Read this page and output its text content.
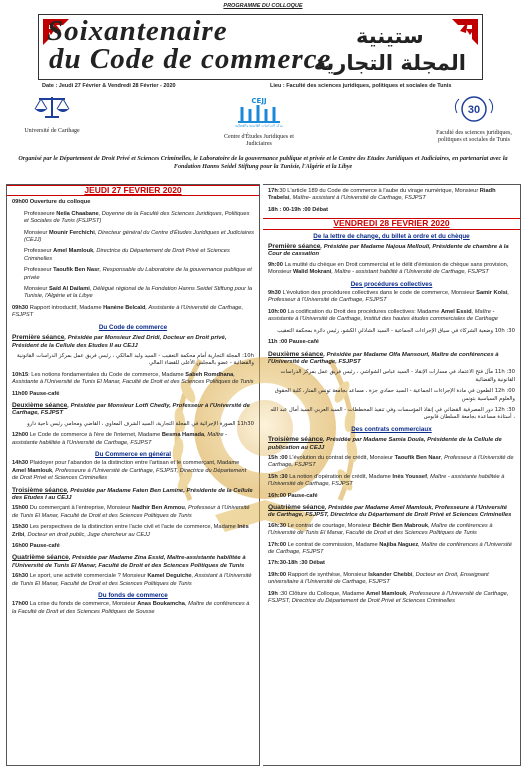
PROGRAMME DU COLLOQUE
Soixantenaire
du Code de commerce
ستينية
المجلة التجارية
Date : Jeudi 27 Février & Vendredi 28 Février - 2020	Lieu : Faculté des sciences juridiques, politiques et sociales de Tunis
Université de Carthage
CEJJ
مركز الدراسات القانونية والقضائية
Centre d'Études Juridiques et Judiciaires
30
Faculté des sciences juridiques, politiques et sociales de Tunis
Organisé par le Département de Droit Privé et Sciences Criminelles, le Laboratoire de la gouvernance publique et privée et le Centre des Etudes Juridiques et Judiciaires, en partenariat avec la Fondation Hanns Seidel Stiftung pour la Tunisie, l'Algérie et la Libye
JEUDI 27 FEVRIER 2020
09h00 Ouverture du colloque
Professeure Neila Chaabane, Doyenne de la Faculté des Sciences Juridiques, Politiques et Sociales de Tunis (FSJPST)
Monsieur Mounir Ferchichi, Directeur général du Centre d'Études Juridiques et Judiciaires (CEJJ)
Professeur Amel Mamlouk, Directrice du Département de Droit Privé et Sciences Criminelles
Professeur Taoufik Ben Nasr, Responsable du Laboratoire de la gouvernance publique et privée
Monsieur Saïd Al Dailami, Délégué régional de la Fondation Hanns Seidel Stiftung pour la Tunisie, l'Algérie et la Libye
09h30 Rapport introductif, Madame Hanène Belcaïd, Assistante à l'Université de Carthage, FSJPST
Du Code de commerce
Première séance, Présidée par Monsieur Zied Dridi, Docteur en Droit privé, Président de la Cellule des Etudes II au CEJJ
10h: المجلة التجارية أمام محكمة التعقيب - السيد وليد المالكي ، رئيس فريق عمل بمركز الدراسات القانونية والقضائية - عضو بالمجلس الأعلى للقضاء المالي
10h15: Les notions fondamentales du Code de commerce, Madame Sabeh Romdhana, Assistante à l'Université de Tunis El Manar, Faculté de Droit et des Sciences Politiques de Tunis
11h00 Pause-café
Deuxième séance, Présidée par Monsieur Lotfi Chedly, Professeur à l'Université de Carthage, FSJPST
11h30 الصورة الإجرائية في المجلة التجارية، السيد الشرف المعاوي ، القاضي ومحامي رئيس ناحية دارو
12h00 Le Code de commerce à l'ère de l'internet, Madame Besma Hamada, Maître - assistante habilitée à l'Université de Carthage, FSJPST
Du Commerce en général
14h30 Plaidoyer pour l'abandon de la distinction entre l'artisan et le commerçant, Madame Amel Mamlouk, Professeure à l'Université de Carthage, FSJPST, Directrice du Département de Droit Privé et Sciences Criminelles
Troisième séance, Présidée par Madame Faten Ben Lamine, Présidente de la Cellule des Etudes I au CEJJ
15h00 Du commerçant à l'entreprise, Monsieur Nadhir Ben Ammou, Professeur à l'Université de Tunis El Manar, Faculté de Droit et des Sciences Politiques de Tunis
15h30 Les perspectives de la distinction entre l'acte civil et l'acte de commerce, Madame Inès Zribi, Docteur en droit public, Juge chercheur au CEJJ
16h00 Pause-café
Quatrième séance, Présidée par Madame Zina Essid, Maître-assistante habilitée à l'Université de Tunis El Manar, Faculté de Droit et des Sciences Politiques de Tunis
16h30 Le sport, une activité commerciale ? Monsieur Kamel Deguiche, Assistant à l'Université de Tunis El Manar, Faculté de Droit et des Sciences Politiques de Tunis
Du fonds de commerce
17h00 La crise du fonds de commerce, Monsieur Anas Boukamcha, Maître de conférences à la Faculté de Droit et des Sciences Politiques de Sousse
17h:30 L'article 189 du Code de commerce à l'aube du virage numérique, Monsieur Riadh Trabelsi, Maître- assistant à l'Université de Carthage, FSJPST
18h : 00-19h :00 Débat
VENDREDI 28 FEVRIER 2020
De la lettre de change, du billet à ordre et du chèque
Première séance, Présidée par Madame Najoua Mellouli, Présidente de chambre à la Cour de cassation
9h:00 La mutité du chèque en Droit commercial et le délit d'émission de chèque sans provision, Monsieur Walid Mokrani, Maître - assistant habilité à l'Université de Carthage, FSJPST
Des procédures collectives
9h30 L'évolution des procédures collectives dans le code de commerce, Monsieur Samir Kolsi, Professeur à l'Université de Carthage, FSJPST
10h:00 La codification du Droit des procédures collectives: Madame Amel Essid, Maître - assistante à l'Université de Carthage, Institut des hautes études commerciales de Carthage
10h :30 وضعية الشركاء في سياق الإجراءات الجماعية - السيد الشاذلي الكشو، رئيس دائرة بمحكمة التعقيب
11h :00 Pause-café
Deuxième séance, Présidée par Madame Olfa Mansouri, Maître de conférences à l'Université de Carthage, FSJPST
11h :30 مآل فتح الاعتماد في مسارات الإنقاذ - السيد عباس الشواشي ، رئيس فريق عمل بمركز الدراسات القانونية والقضائية
12h :00 الطعون في مادة الإجراءات الجماعية - السيد حمادي جزة ، مساعد بجامعة تونس المنار، كلية الحقوق والعلوم السياسية بتونس
12h :30 دور المصرفية القضائي في إنقاذ المؤسسات وفي تنفيذ المخططات - السيد العربي السيد أمال عبد الله ، أستاذة مساعدة بجامعة السلطان قابوس
Des contrats commerciaux
Troisième séance, Présidée par Madame Samia Doula, Présidente de la Cellule de publication au CEJJ
15h :00 L'évolution du contrat de crédit, Monsieur Taoufik Ben Nasr, Professeur à l'Université de Carthage, FSJPST
15h :30 La notion d'opération de crédit, Madame Inès Youssef, Maître - assistante habilitée à l'Université de Carthage, FSJPST
16h:00 Pause-café
Quatrième séance, Présidée par Madame Amel Mamlouk, Professeure à l'Université de Carthage, FSJPST, Directrice du Département de Droit Privé et Sciences Criminelles
16h:30 Le contrat de courtage, Monsieur Béchir Ben Mabrouk, Maître de conférences à l'Université de Tunis El Manar, Faculté de Droit et des Sciences Politiques de Tunis
17h:00 Le contrat de commission, Madame Najiba Naguez, Maître de conférences à l'Université de Carthage, FSJPST
17h:30-18h :30 Débat
19h:00 Rapport de synthèse, Monsieur Iskander Chebbi, Docteur en Droit, Enseignant universitaire à l'Université de Carthage, FSJPST
19h :30 Clôture du Colloque, Madame Amel Mamlouk, Professeure à l'Université de Carthage, FSJPST, Directrice du Département de Droit Privé et Sciences Criminelles
